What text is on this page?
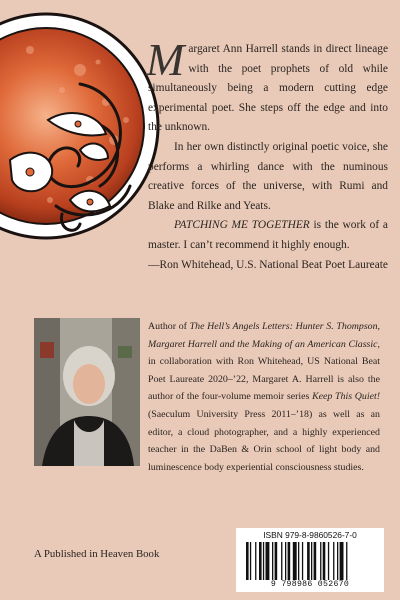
Margaret Ann Harrell stands in direct lineage with the poet prophets of old while simultaneously being a modern cutting edge experimental poet. She steps off the edge and into the unknown.

In her own distinctly original poetic voice, she performs a whirling dance with the numinous creative forces of the universe, with Rumi and Blake and Rilke and Yeats.

PATCHING ME TOGETHER is the work of a master. I can’t recommend it highly enough.

—Ron Whitehead, U.S. National Beat Poet Laureate

Author of The Hell’s Angels Letters: Hunter S. Thompson, Margaret Harrell and the Making of an American Classic, in collaboration with Ron Whitehead, US National Beat Poet Laureate 2020–’22, Margaret A. Harrell is also the author of the four-volume memoir series Keep This Quiet! (Saeculum University Press 2011–’18) as well as an editor, a cloud photographer, and a highly experienced teacher in the DaBen & Orin school of light body and luminescence body experiential consciousness studies.
A Published in Heaven Book
ISBN 979-8-9860526-7-0
9 798986 052670
